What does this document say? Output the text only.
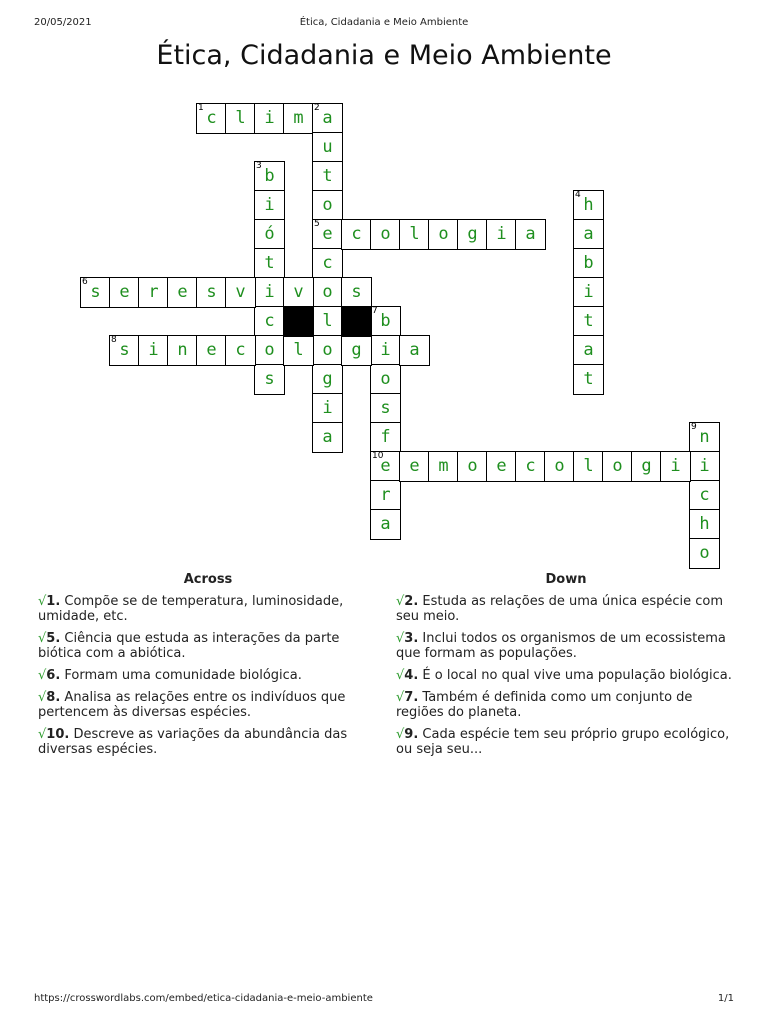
20/05/2021	Ética, Cidadania e Meio Ambiente
Ética, Cidadania e Meio Ambiente
c
1	l	i	m	a
2
u
t
o
e
5
c
o
l
o
g
i
a
b
3
i
ó
t
i
c
o
s
h
4
a
b
i
t
a
t
c	o	l	o	g	i	a
s
6	e	r	e	s	v	v	s
b
7
i
o
s
f
e
10
r
a
s
8	i	n	e	c	l	g	a
n
9
i
c
h
o
e	m	o	e	c	o	l	o	g	i
Across
√1. Compõe se de temperatura, luminosidade, umidade, etc.
√5. Ciência que estuda as interações da parte biótica com a abiótica.
√6. Formam uma comunidade biológica.
√8. Analisa as relações entre os indivíduos que pertencem às diversas espécies.
√10. Descreve as variações da abundância das diversas espécies.
Down
√2. Estuda as relações de uma única espécie com seu meio.
√3. Inclui todos os organismos de um ecossistema que formam as populações.
√4. É o local no qual vive uma população biológica.
√7. Também é definida como um conjunto de regiões do planeta.
√9. Cada espécie tem seu próprio grupo ecológico, ou seja seu...
https://crosswordlabs.com/embed/etica-cidadania-e-meio-ambiente	1/1
